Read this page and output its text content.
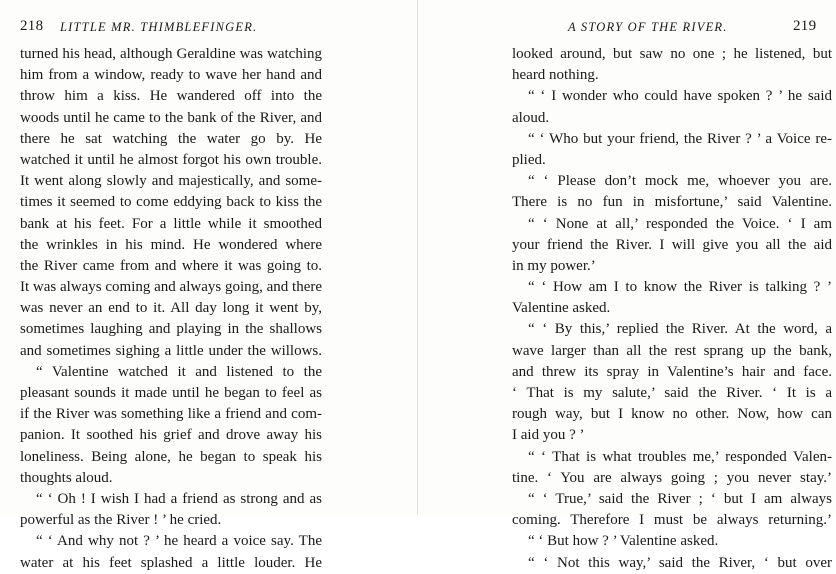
218 LITTLE MR. THIMBLEFINGER.
turned his head, although Geraldine was watching
him from a window, ready to wave her hand and
throw him a kiss. He wandered off into the
woods until he came to the bank of the River, and
there he sat watching the water go by. He
watched it until he almost forgot his own trouble.
It went along slowly and majestically, and some-
times it seemed to come eddying back to kiss the
bank at his feet. For a little while it smoothed
the wrinkles in his mind. He wondered where
the River came from and where it was going to.
It was always coming and always going, and there
was never an end to it. All day long it went by,
sometimes laughing and playing in the shallows
and sometimes sighing a little under the willows.
“ Valentine watched it and listened to the
pleasant sounds it made until he began to feel as
if the River was something like a friend and com-
panion. It soothed his grief and drove away his
loneliness. Being alone, he began to speak his
thoughts aloud.
“ ‘ Oh ! I wish I had a friend as strong and as
powerful as the River ! ’ he cried.
“ ‘ And why not ? ’ he heard a voice say. The
water at his feet splashed a little louder. He
A STORY OF THE RIVER.	219
looked around, but saw no one ; he listened, but
heard nothing.
“ ‘ I wonder who could have spoken ? ’ he said
aloud.
“ ‘ Who but your friend, the River ? ’ a Voice re-
plied.
“ ‘ Please don’t mock me, whoever you are.
There is no fun in misfortune,’ said Valentine.
“ ‘ None at all,’ responded the Voice. ‘ I am
your friend the River. I will give you all the aid
in my power.’
“ ‘ How am I to know the River is talking ? ’
Valentine asked.
“ ‘ By this,’ replied the River. At the word, a
wave larger than all the rest sprang up the bank,
and threw its spray in Valentine’s hair and face.
‘ That is my salute,’ said the River. ‘ It is a
rough way, but I know no other. Now, how can
I aid you ? ’
“ ‘ That is what troubles me,’ responded Valen-
tine. ‘ You are always going ; you never stay.’
“ ‘ True,’ said the River ; ‘ but I am always
coming. Therefore I must be always returning.’
“ ‘ But how ? ’ Valentine asked.
“ ‘ Not this way,’ said the River, ‘ but over
